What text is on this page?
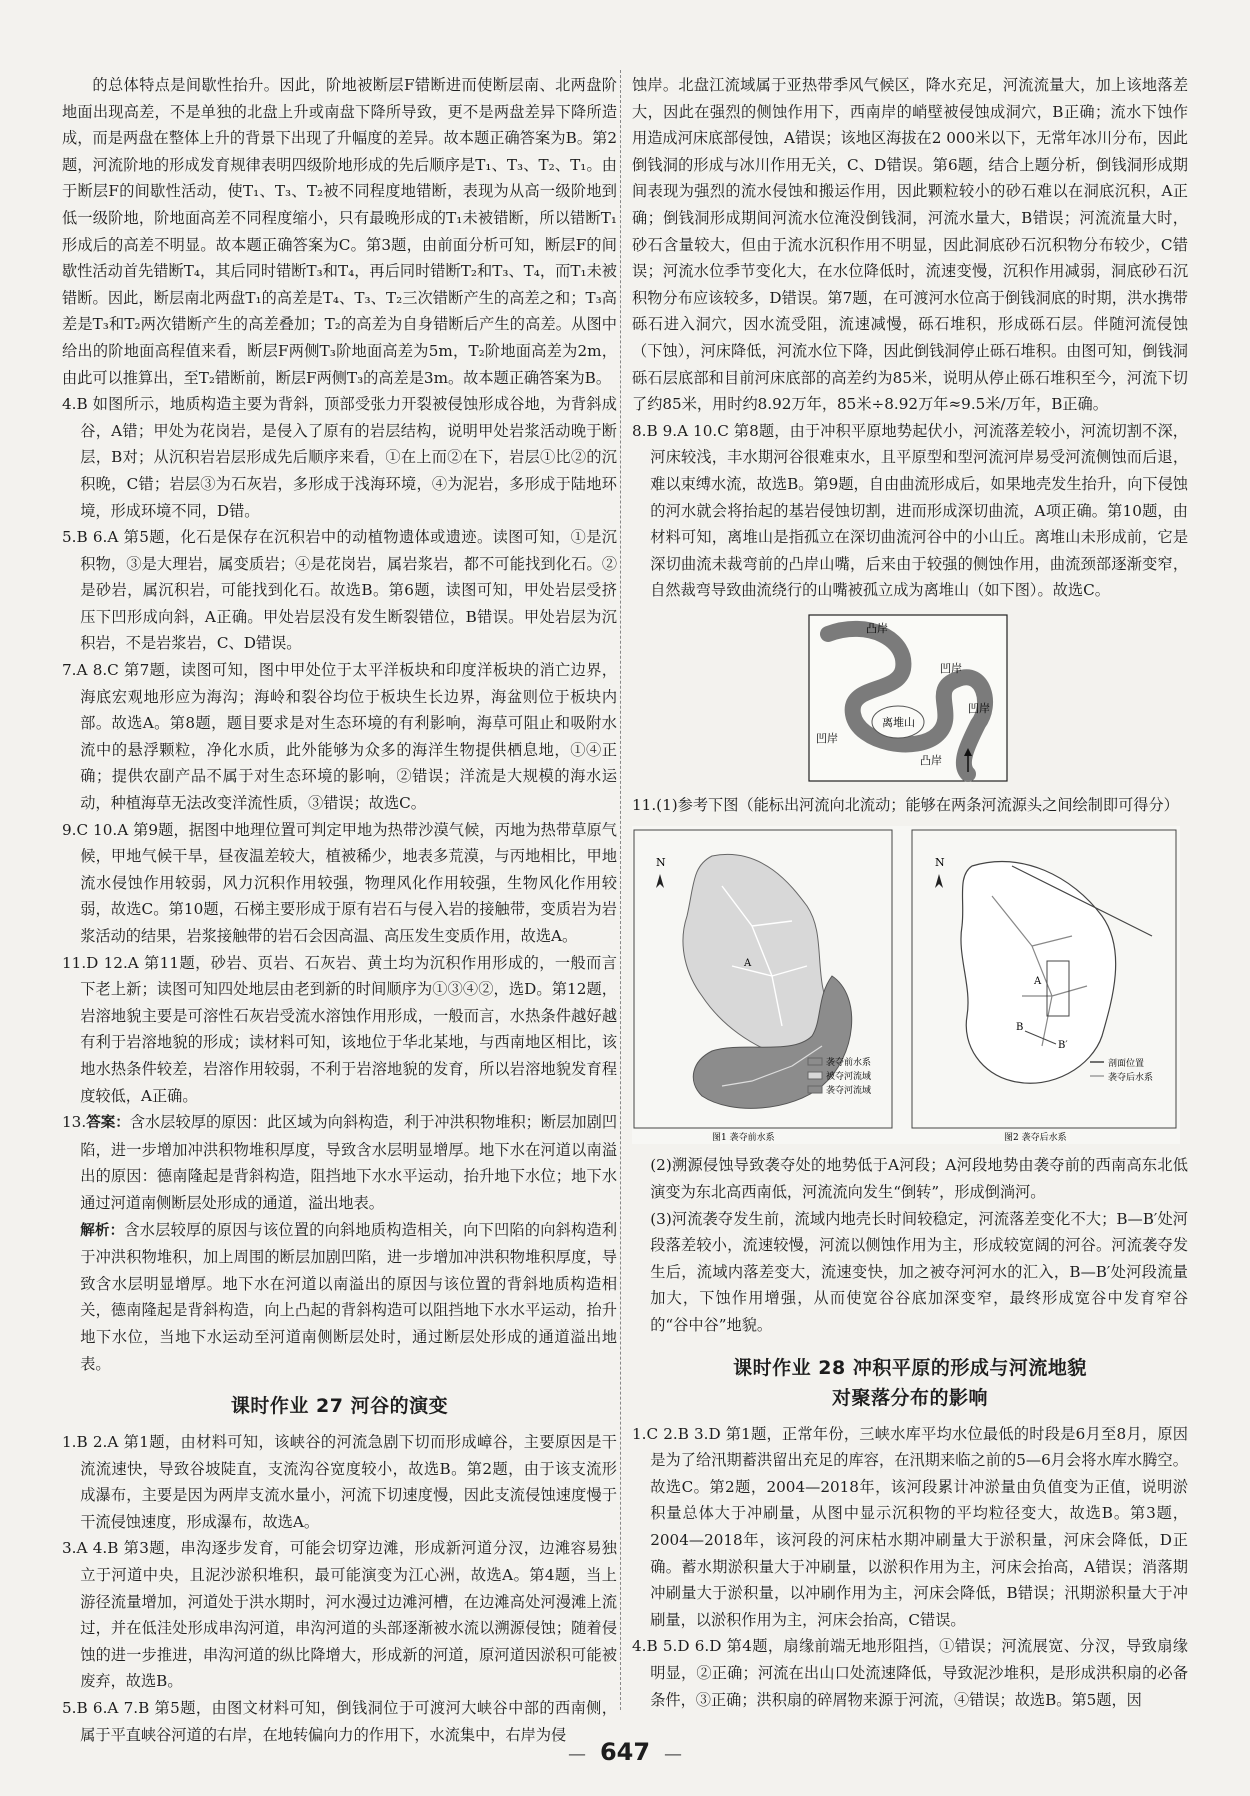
的总体特点是间歇性抬升。因此，阶地被断层F错断进而使断层南、北两盘阶地面出现高差，不是单独的北盘上升或南盘下降所导致，更不是两盘差异下降所造成，而是两盘在整体上升的背景下出现了升幅度的差异。故本题正确答案为B。第2题，河流阶地的形成发育规律表明四级阶地形成的先后顺序是T₁、T₃、T₂、T₁。由于断层F的间歇性活动，使T₁、T₃、T₂被不同程度地错断，表现为从高一级阶地到低一级阶地，阶地面高差不同程度缩小，只有最晚形成的T₁未被错断，所以错断T₁形成后的高差不明显。故本题正确答案为C。第3题，由前面分析可知，断层F的间歇性活动首先错断T₄，其后同时错断T₃和T₄，再后同时错断T₂和T₃、T₄，而T₁未被错断。因此，断层南北两盘T₁的高差是T₄、T₃、T₂三次错断产生的高差之和；T₃高差是T₃和T₂两次错断产生的高差叠加；T₂的高差为自身错断后产生的高差。从图中给出的阶地面高程值来看，断层F两侧T₃阶地面高差为5m，T₂阶地面高差为2m，由此可以推算出，至T₂错断前，断层F两侧T₃的高差是3m。故本题正确答案为B。

4.B 如图所示，地质构造主要为背斜，顶部受张力开裂被侵蚀形成谷地，为背斜成谷，A错；甲处为花岗岩，是侵入了原有的岩层结构，说明甲处岩浆活动晚于断层，B对；从沉积岩岩层形成先后顺序来看，①在上而②在下，岩层①比②的沉积晚，C错；岩层③为石灰岩，多形成于浅海环境，④为泥岩，多形成于陆地环境，形成环境不同，D错。

5.B 6.A 第5题，化石是保存在沉积岩中的动植物遗体或遗迹。读图可知，①是沉积物，③是大理岩，属变质岩；④是花岗岩，属岩浆岩，都不可能找到化石。②是砂岩，属沉积岩，可能找到化石。故选B。第6题，读图可知，甲处岩层受挤压下凹形成向斜，A正确。甲处岩层没有发生断裂错位，B错误。甲处岩层为沉积岩，不是岩浆岩，C、D错误。

7.A 8.C 第7题，读图可知，图中甲处位于太平洋板块和印度洋板块的消亡边界，海底宏观地形应为海沟；海岭和裂谷均位于板块生长边界，海盆则位于板块内部。故选A。第8题，题目要求是对生态环境的有利影响，海草可阻止和吸附水流中的悬浮颗粒，净化水质，此外能够为众多的海洋生物提供栖息地，①④正确；提供农副产品不属于对生态环境的影响，②错误；洋流是大规模的海水运动，种植海草无法改变洋流性质，③错误；故选C。

9.C 10.A 第9题，据图中地理位置可判定甲地为热带沙漠气候，丙地为热带草原气候，甲地气候干旱，昼夜温差较大，植被稀少，地表多荒漠，与丙地相比，甲地流水侵蚀作用较弱，风力沉积作用较强，物理风化作用较强，生物风化作用较弱，故选C。第10题，石梯主要形成于原有岩石与侵入岩的接触带，变质岩为岩浆活动的结果，岩浆接触带的岩石会因高温、高压发生变质作用，故选A。

11.D 12.A 第11题，砂岩、页岩、石灰岩、黄土均为沉积作用形成的，一般而言下老上新；读图可知四处地层由老到新的时间顺序为①③④②，选D。第12题，岩溶地貌主要是可溶性石灰岩受流水溶蚀作用形成，一般而言，水热条件越好越有利于岩溶地貌的形成；读材料可知，该地位于华北某地，与西南地区相比，该地水热条件较差，岩溶作用较弱，不利于岩溶地貌的发育，所以岩溶地貌发育程度较低，A正确。

13.答案：含水层较厚的原因：此区域为向斜构造，利于冲洪积物堆积；断层加剧凹陷，进一步增加冲洪积物堆积厚度，导致含水层明显增厚。地下水在河道以南溢出的原因：德南隆起是背斜构造，阻挡地下水水平运动，抬升地下水位；地下水通过河道南侧断层处形成的通道，溢出地表。

解析：含水层较厚的原因与该位置的向斜地质构造相关，向下凹陷的向斜构造利于冲洪积物堆积，加上周围的断层加剧凹陷，进一步增加冲洪积物堆积厚度，导致含水层明显增厚。地下水在河道以南溢出的原因与该位置的背斜地质构造相关，德南隆起是背斜构造，向上凸起的背斜构造可以阻挡地下水水平运动，抬升地下水位，当地下水运动至河道南侧断层处时，通过断层处形成的通道溢出地表。

课时作业 27 河谷的演变

1.B 2.A 第1题，由材料可知，该峡谷的河流急剧下切而形成嶂谷，主要原因是干流流速快，导致谷坡陡直，支流沟谷宽度较小，故选B。第2题，由于该支流形成瀑布，主要是因为两岸支流水量小，河流下切速度慢，因此支流侵蚀速度慢于干流侵蚀速度，形成瀑布，故选A。

3.A 4.B 第3题，串沟逐步发育，可能会切穿边滩，形成新河道分汊，边滩容易独立于河道中央，且泥沙淤积堆积，最可能演变为江心洲，故选A。第4题，当上游径流量增加，河道处于洪水期时，河水漫过边滩河槽，在边滩高处河漫滩上流过，并在低洼处形成串沟河道，串沟河道的头部逐渐被水流以溯源侵蚀；随着侵蚀的进一步推进，串沟河道的纵比降增大，形成新的河道，原河道因淤积可能被废弃，故选B。

5.B 6.A 7.B 第5题，由图文材料可知，倒钱洞位于可渡河大峡谷中部的西南侧，属于平直峡谷河道的右岸，在地转偏向力的作用下，水流集中，右岸为侵

蚀岸。北盘江流域属于亚热带季风气候区，降水充足，河流流量大，加上该地落差大，因此在强烈的侧蚀作用下，西南岸的峭壁被侵蚀成洞穴，B正确；流水下蚀作用造成河床底部侵蚀，A错误；该地区海拔在2 000米以下，无常年冰川分布，因此倒钱洞的形成与冰川作用无关，C、D错误。第6题，结合上题分析，倒钱洞形成期间表现为强烈的流水侵蚀和搬运作用，因此颗粒较小的砂石难以在洞底沉积，A正确；倒钱洞形成期间河流水位淹没倒钱洞，河流水量大，B错误；河流流量大时，砂石含量较大，但由于流水沉积作用不明显，因此洞底砂石沉积物分布较少，C错误；河流水位季节变化大，在水位降低时，流速变慢，沉积作用减弱，洞底砂石沉积物分布应该较多，D错误。第7题，在可渡河水位高于倒钱洞底的时期，洪水携带砾石进入洞穴，因水流受阻，流速减慢，砾石堆积，形成砾石层。伴随河流侵蚀（下蚀），河床降低，河流水位下降，因此倒钱洞停止砾石堆积。由图可知，倒钱洞砾石层底部和目前河床底部的高差约为85米，说明从停止砾石堆积至今，河流下切了约85米，用时约8.92万年，85米÷8.92万年≈9.5米/万年，B正确。

8.B 9.A 10.C 第8题，由于冲积平原地势起伏小，河流落差较小，河流切割不深，河床较浅，丰水期河谷很难束水，且平原型和型河流河岸易受河流侧蚀而后退，难以束缚水流，故选B。第9题，自由曲流形成后，如果地壳发生抬升，向下侵蚀的河水就会将抬起的基岩侵蚀切割，进而形成深切曲流，A项正确。第10题，由材料可知，离堆山是指孤立在深切曲流河谷中的小山丘。离堆山未形成前，它是深切曲流未裁弯前的凸岸山嘴，后来由于较强的侧蚀作用，曲流颈部逐渐变窄，自然裁弯导致曲流绕行的山嘴被孤立成为离堆山（如下图）。故选C。

凸岸
凹岸
凹岸
离堆山
凹岸
凸岸

11.(1)参考下图（能标出河流向北流动；能够在两条河流源头之间绘制即可得分）

N
A
袭夺前水系
被夺河流域
袭夺河流域
图1 袭夺前水系
N
A
B
B′
剖面位置
袭夺后水系
图2 袭夺后水系

(2)溯源侵蚀导致袭夺处的地势低于A河段；A河段地势由袭夺前的西南高东北低演变为东北高西南低，河流流向发生“倒转”，形成倒淌河。

(3)河流袭夺发生前，流域内地壳长时间较稳定，河流落差变化不大；B—B′处河段落差较小，流速较慢，河流以侧蚀作用为主，形成较宽阔的河谷。河流袭夺发生后，流域内落差变大，流速变快，加之被夺河河水的汇入，B—B′处河段流量加大，下蚀作用增强，从而使宽谷谷底加深变窄，最终形成宽谷中发育窄谷的“谷中谷”地貌。

课时作业 28 冲积平原的形成与河流地貌
对聚落分布的影响

1.C 2.B 3.D 第1题，正常年份，三峡水库平均水位最低的时段是6月至8月，原因是为了给汛期蓄洪留出充足的库容，在汛期来临之前的5—6月会将水库水腾空。故选C。第2题，2004—2018年，该河段累计冲淤量由负值变为正值，说明淤积量总体大于冲刷量，从图中显示沉积物的平均粒径变大，故选B。第3题，2004—2018年，该河段的河床枯水期冲刷量大于淤积量，河床会降低，D正确。蓄水期淤积量大于冲刷量，以淤积作用为主，河床会抬高，A错误；消落期冲刷量大于淤积量，以冲刷作用为主，河床会降低，B错误；汛期淤积量大于冲刷量，以淤积作用为主，河床会抬高，C错误。

4.B 5.D 6.D 第4题，扇缘前端无地形阻挡，①错误；河流展宽、分汊，导致扇缘明显，②正确；河流在出山口处流速降低，导致泥沙堆积，是形成洪积扇的必备条件，③正确；洪积扇的碎屑物来源于河流，④错误；故选B。第5题，因

— 647 —
